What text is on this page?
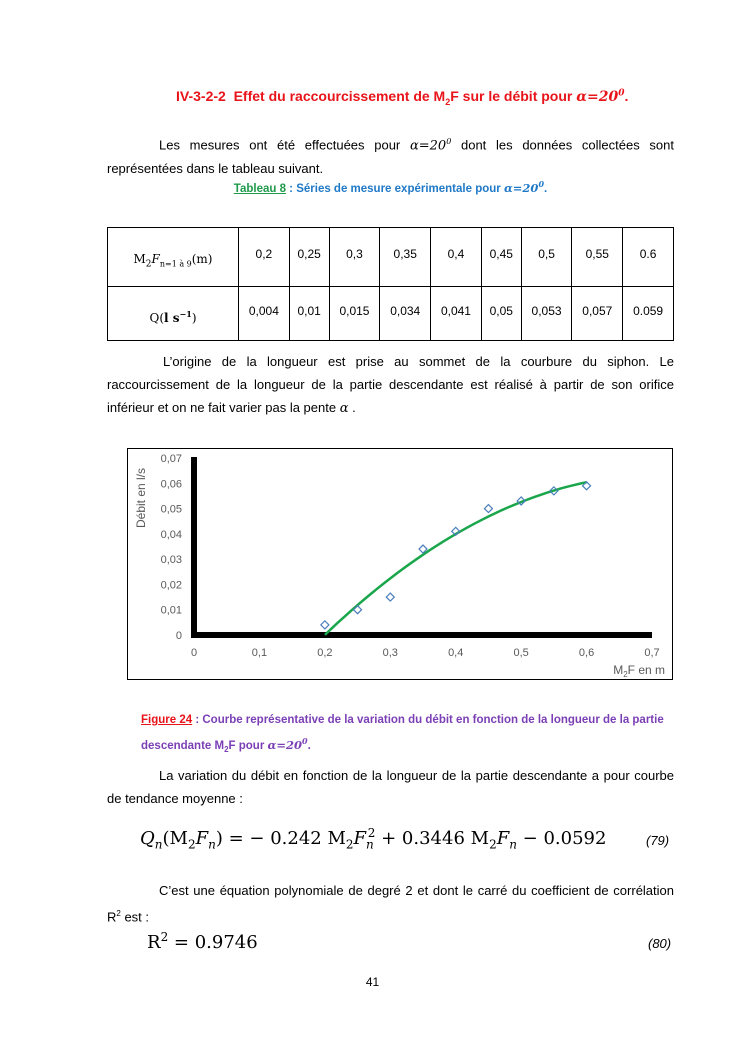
IV-3-2-2 Effet du raccourcissement de $M_2F$ sur le débit pour $\alpha=20^0$.
Les mesures ont été effectuées pour $\alpha=20^0$ dont les données collectées sont représentées dans le tableau suivant.
Tableau 8 : Séries de mesure expérimentale pour $\alpha=20^0$.
$M_2F_{n=1 à 9}(m)$	0,2	0,25	0,3	0,35	0,4	0,45	0,5	0,55	0.6
Q(l $s^{-1}$)	0,004	0,01	0,015	0,034	0,041	0,05	0,053	0,057	0.059
L’origine de la longueur est prise au sommet de la courbure du siphon. Le raccourcissement de la longueur de la partie descendante est réalisé à partir de son orifice inférieur et on ne fait varier pas la pente α .
0	0,1	0,2	0,3	0,4	0,5	0,6	0,7
0
0,01
0,02
0,03
0,04
0,05
0,06
0,07
Débit en l/s
$M_2F$ en m
Figure 24 : Courbe représentative de la variation du débit en fonction de la longueur de la partie descendante $M_2F$ pour $\alpha=20^0$.
La variation du débit en fonction de la longueur de la partie descendante a pour courbe de tendance moyenne :
$Q_n(M_2F_n)$ = − 0.242 $M_2F_n^2 + 0.3446$ $M_2F_n - 0.0592$	(79)
C’est une équation polynomiale de degré 2 et dont le carré du coefficient de corrélation $R^2$ est :
$R^2 = 0.9746$	(80)
41
